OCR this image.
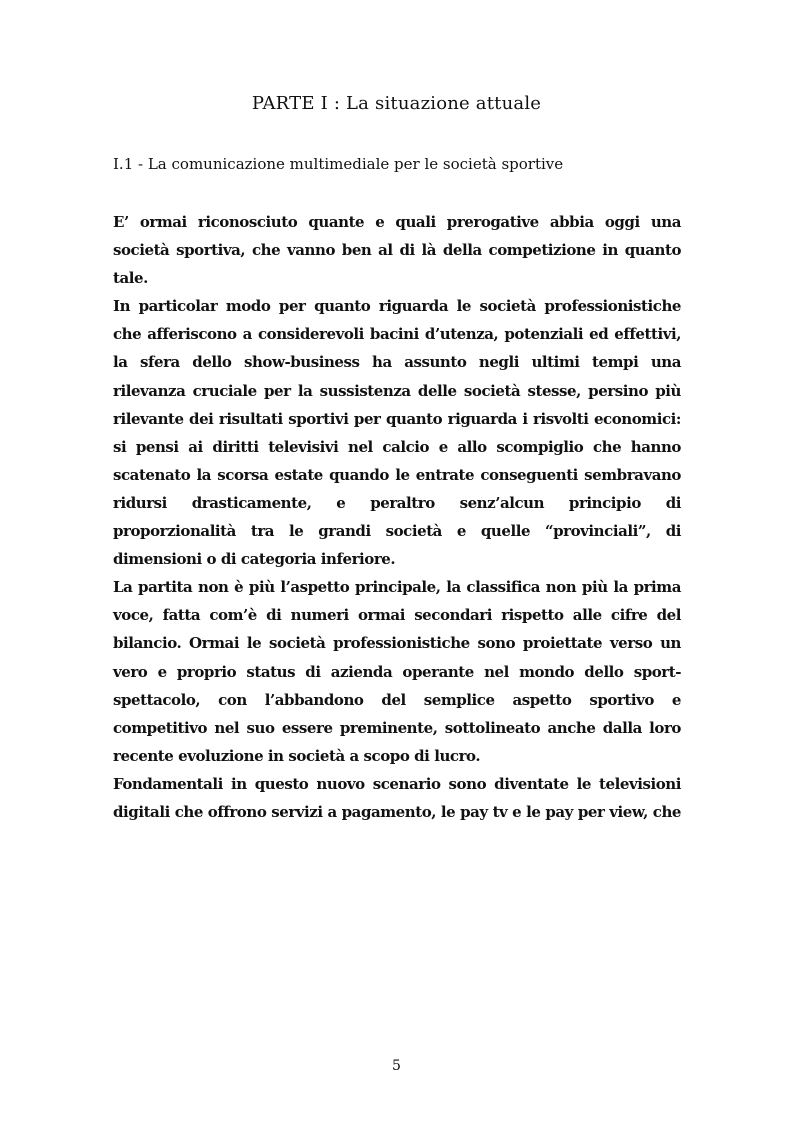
PARTE I : La situazione attuale
I.1 - La comunicazione multimediale per le società sportive

E’ ormai riconosciuto quante e quali prerogative abbia oggi una società sportiva, che vanno ben al di là della competizione in quanto tale.

In particolar modo per quanto riguarda le società professionistiche che afferiscono a considerevoli bacini d’utenza, potenziali ed effettivi, la sfera dello show-business ha assunto negli ultimi tempi una rilevanza cruciale per la sussistenza delle società stesse, persino più rilevante dei risultati sportivi per quanto riguarda i risvolti economici: si pensi ai diritti televisivi nel calcio e allo scompiglio che hanno scatenato la scorsa estate quando le entrate conseguenti sembravano ridursi drasticamente, e peraltro senz’alcun principio di proporzionalità tra le grandi società e quelle “provinciali”, di dimensioni o di categoria inferiore.

La partita non è più l’aspetto principale, la classifica non più la prima voce, fatta com’è di numeri ormai secondari rispetto alle cifre del bilancio. Ormai le società professionistiche sono proiettate verso un vero e proprio status di azienda operante nel mondo dello sport-spettacolo, con l’abbandono del semplice aspetto sportivo e competitivo nel suo essere preminente, sottolineato anche dalla loro recente evoluzione in società a scopo di lucro.

Fondamentali in questo nuovo scenario sono diventate le televisioni digitali che offrono servizi a pagamento, le pay tv e le pay per view, che

5
